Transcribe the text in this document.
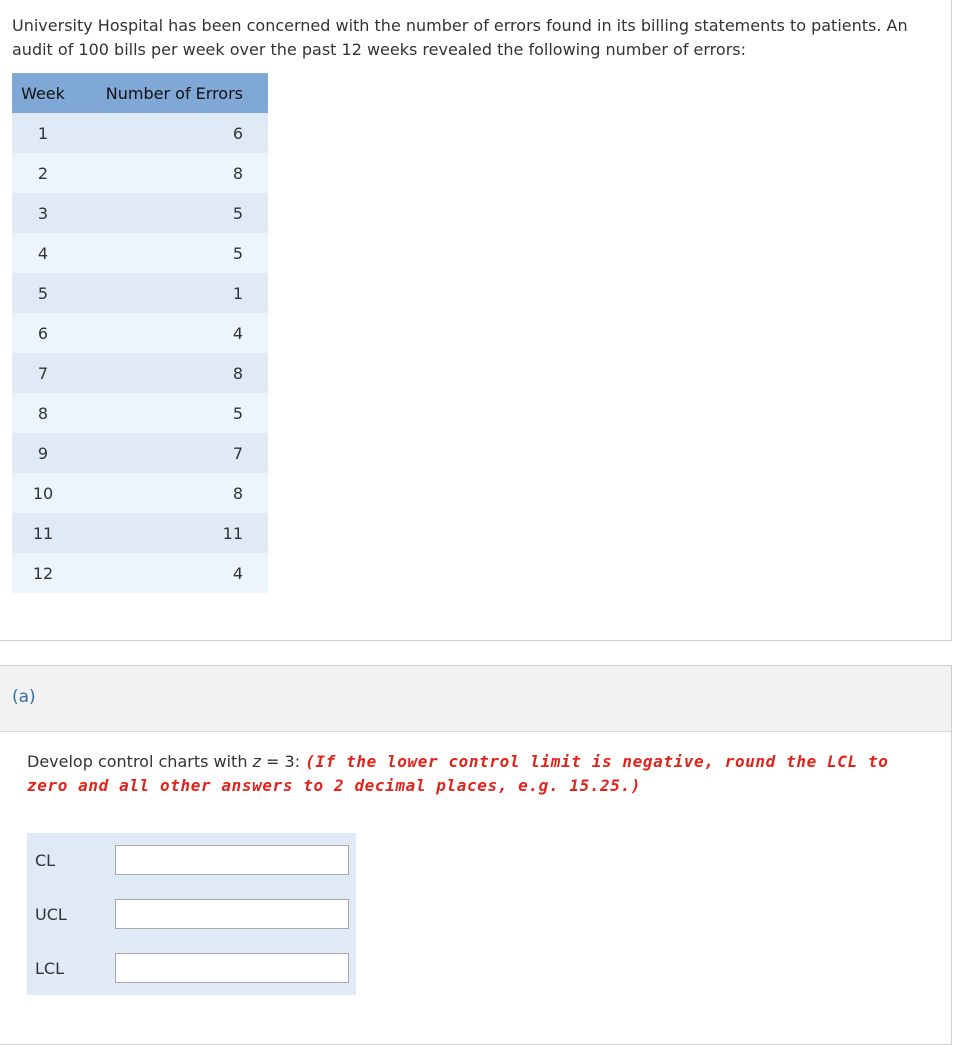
University Hospital has been concerned with the number of errors found in its billing statements to patients. An audit of 100 bills per week over the past 12 weeks revealed the following number of errors:

Week	Number of Errors
1	6
2	8
3	5
4	5
5	1
6	4
7	8
8	5
9	7
10	8
11	11
12	4
(a)
Develop control charts with z = 3: (If the lower control limit is negative, round the LCL to zero and all other answers to 2 decimal places, e.g. 15.25.)
CL	

UCL	

LCL	
